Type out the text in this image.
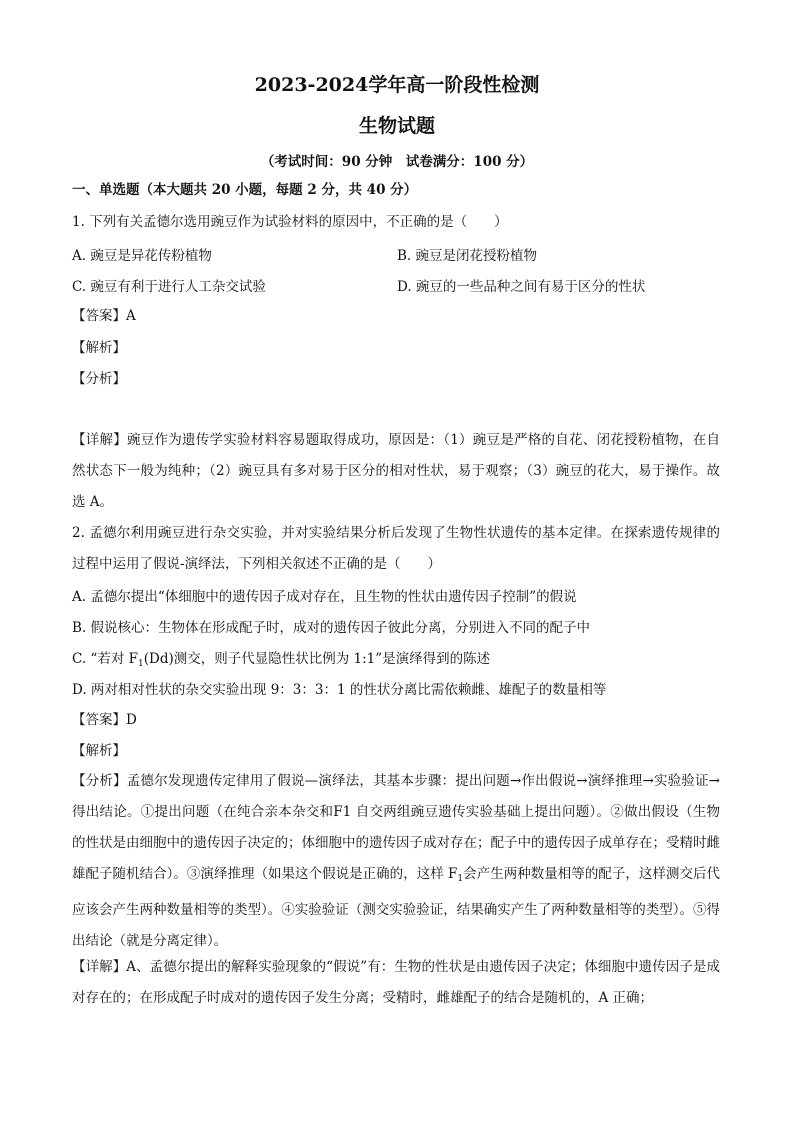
2023-2024学年高一阶段性检测
生物试题
（考试时间：90 分钟　试卷满分：100 分）
一、单选题（本大题共 20 小题，每题 2 分，共 40 分）
1. 下列有关孟德尔选用豌豆作为试验材料的原因中，不正确的是（　　）
A. 豌豆是异花传粉植物	B. 豌豆是闭花授粉植物
C. 豌豆有利于进行人工杂交试验	D. 豌豆的一些品种之间有易于区分的性状
【答案】A
【解析】
【分析】
【详解】豌豆作为遗传学实验材料容易题取得成功，原因是：（1）豌豆是严格的自花、闭花授粉植物，在自然状态下一般为纯种；（2）豌豆具有多对易于区分的相对性状，易于观察；（3）豌豆的花大，易于操作。故选 A。
2. 孟德尔利用豌豆进行杂交实验，并对实验结果分析后发现了生物性状遗传的基本定律。在探索遗传规律的过程中运用了假说-演绎法，下列相关叙述不正确的是（　　）
A. 孟德尔提出“体细胞中的遗传因子成对存在，且生物的性状由遗传因子控制”的假说
B. 假说核心：生物体在形成配子时，成对的遗传因子彼此分离，分别进入不同的配子中
C. “若对 $F_1(Dd)$测交，则子代显隐性状比例为 1:1”是演绎得到的陈述
D. 两对相对性状的杂交实验出现 9：3：3：1 的性状分离比需依赖雌、雄配子的数量相等
【答案】D
【解析】
【分析】孟德尔发现遗传定律用了假说—演绎法，其基本步骤：提出问题→作出假说→演绎推理→实验验证→得出结论。①提出问题（在纯合亲本杂交和F1 自交两组豌豆遗传实验基础上提出问题）。②做出假设（生物的性状是由细胞中的遗传因子决定的；体细胞中的遗传因子成对存在；配子中的遗传因子成单存在；受精时雌雄配子随机结合）。③演绎推理（如果这个假说是正确的，这样 $F_1$会产生两种数量相等的配子，这样测交后代应该会产生两种数量相等的类型）。④实验验证（测交实验验证，结果确实产生了两种数量相等的类型）。⑤得出结论（就是分离定律）。
【详解】A、孟德尔提出的解释实验现象的“假说”有：生物的性状是由遗传因子决定；体细胞中遗传因子是成对存在的；在形成配子时成对的遗传因子发生分离；受精时，雌雄配子的结合是随机的，A 正确；
